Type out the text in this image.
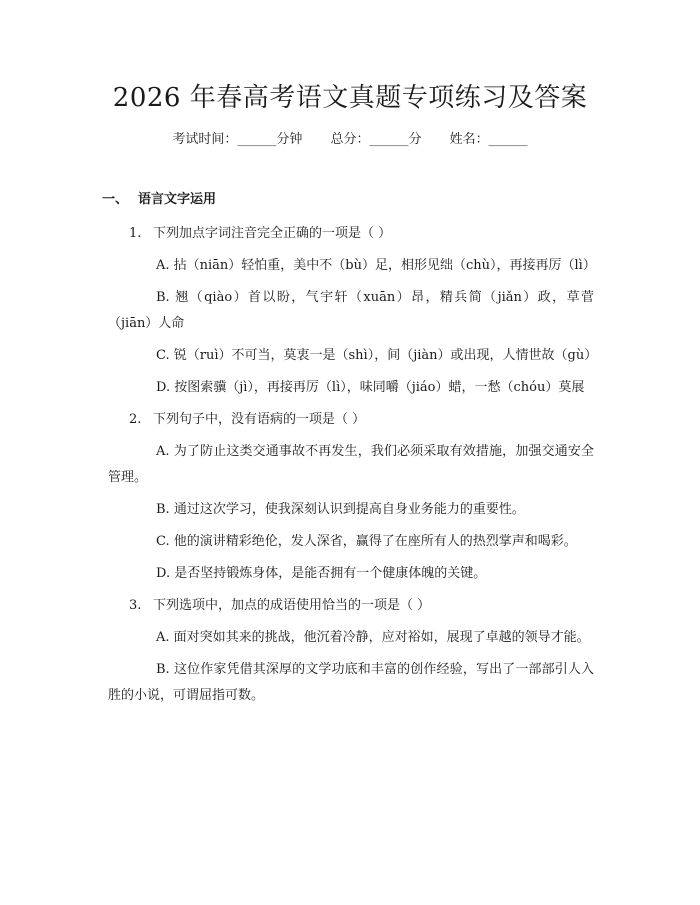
2026 年春高考语文真题专项练习及答案
考试时间：______分钟 总分：______分 姓名：______
一、 语言文字运用
1. 下列加点字词注音完全正确的一项是（ ）
A. 拈（niān）轻怕重，美中不（bù）足，相形见绌（chù），再接再厉（lì）
B. 翘（qiào）首以盼，气宇轩（xuān）昂，精兵简（jiǎn）政，草菅（jiān）人命
C. 锐（ruì）不可当，莫衷一是（shì），间（jiàn）或出现，人情世故（gù）
D. 按图索骥（jì），再接再厉（lì），味同嚼（jiáo）蜡，一愁（chóu）莫展
2. 下列句子中，没有语病的一项是（ ）
A. 为了防止这类交通事故不再发生，我们必须采取有效措施，加强交通安全管理。
B. 通过这次学习，使我深刻认识到提高自身业务能力的重要性。
C. 他的演讲精彩绝伦，发人深省，赢得了在座所有人的热烈掌声和喝彩。
D. 是否坚持锻炼身体，是能否拥有一个健康体魄的关键。
3. 下列选项中，加点的成语使用恰当的一项是（ ）
A. 面对突如其来的挑战，他沉着冷静，应对裕如，展现了卓越的领导才能。
B. 这位作家凭借其深厚的文学功底和丰富的创作经验，写出了一部部引人入胜的小说，可谓屈指可数。
